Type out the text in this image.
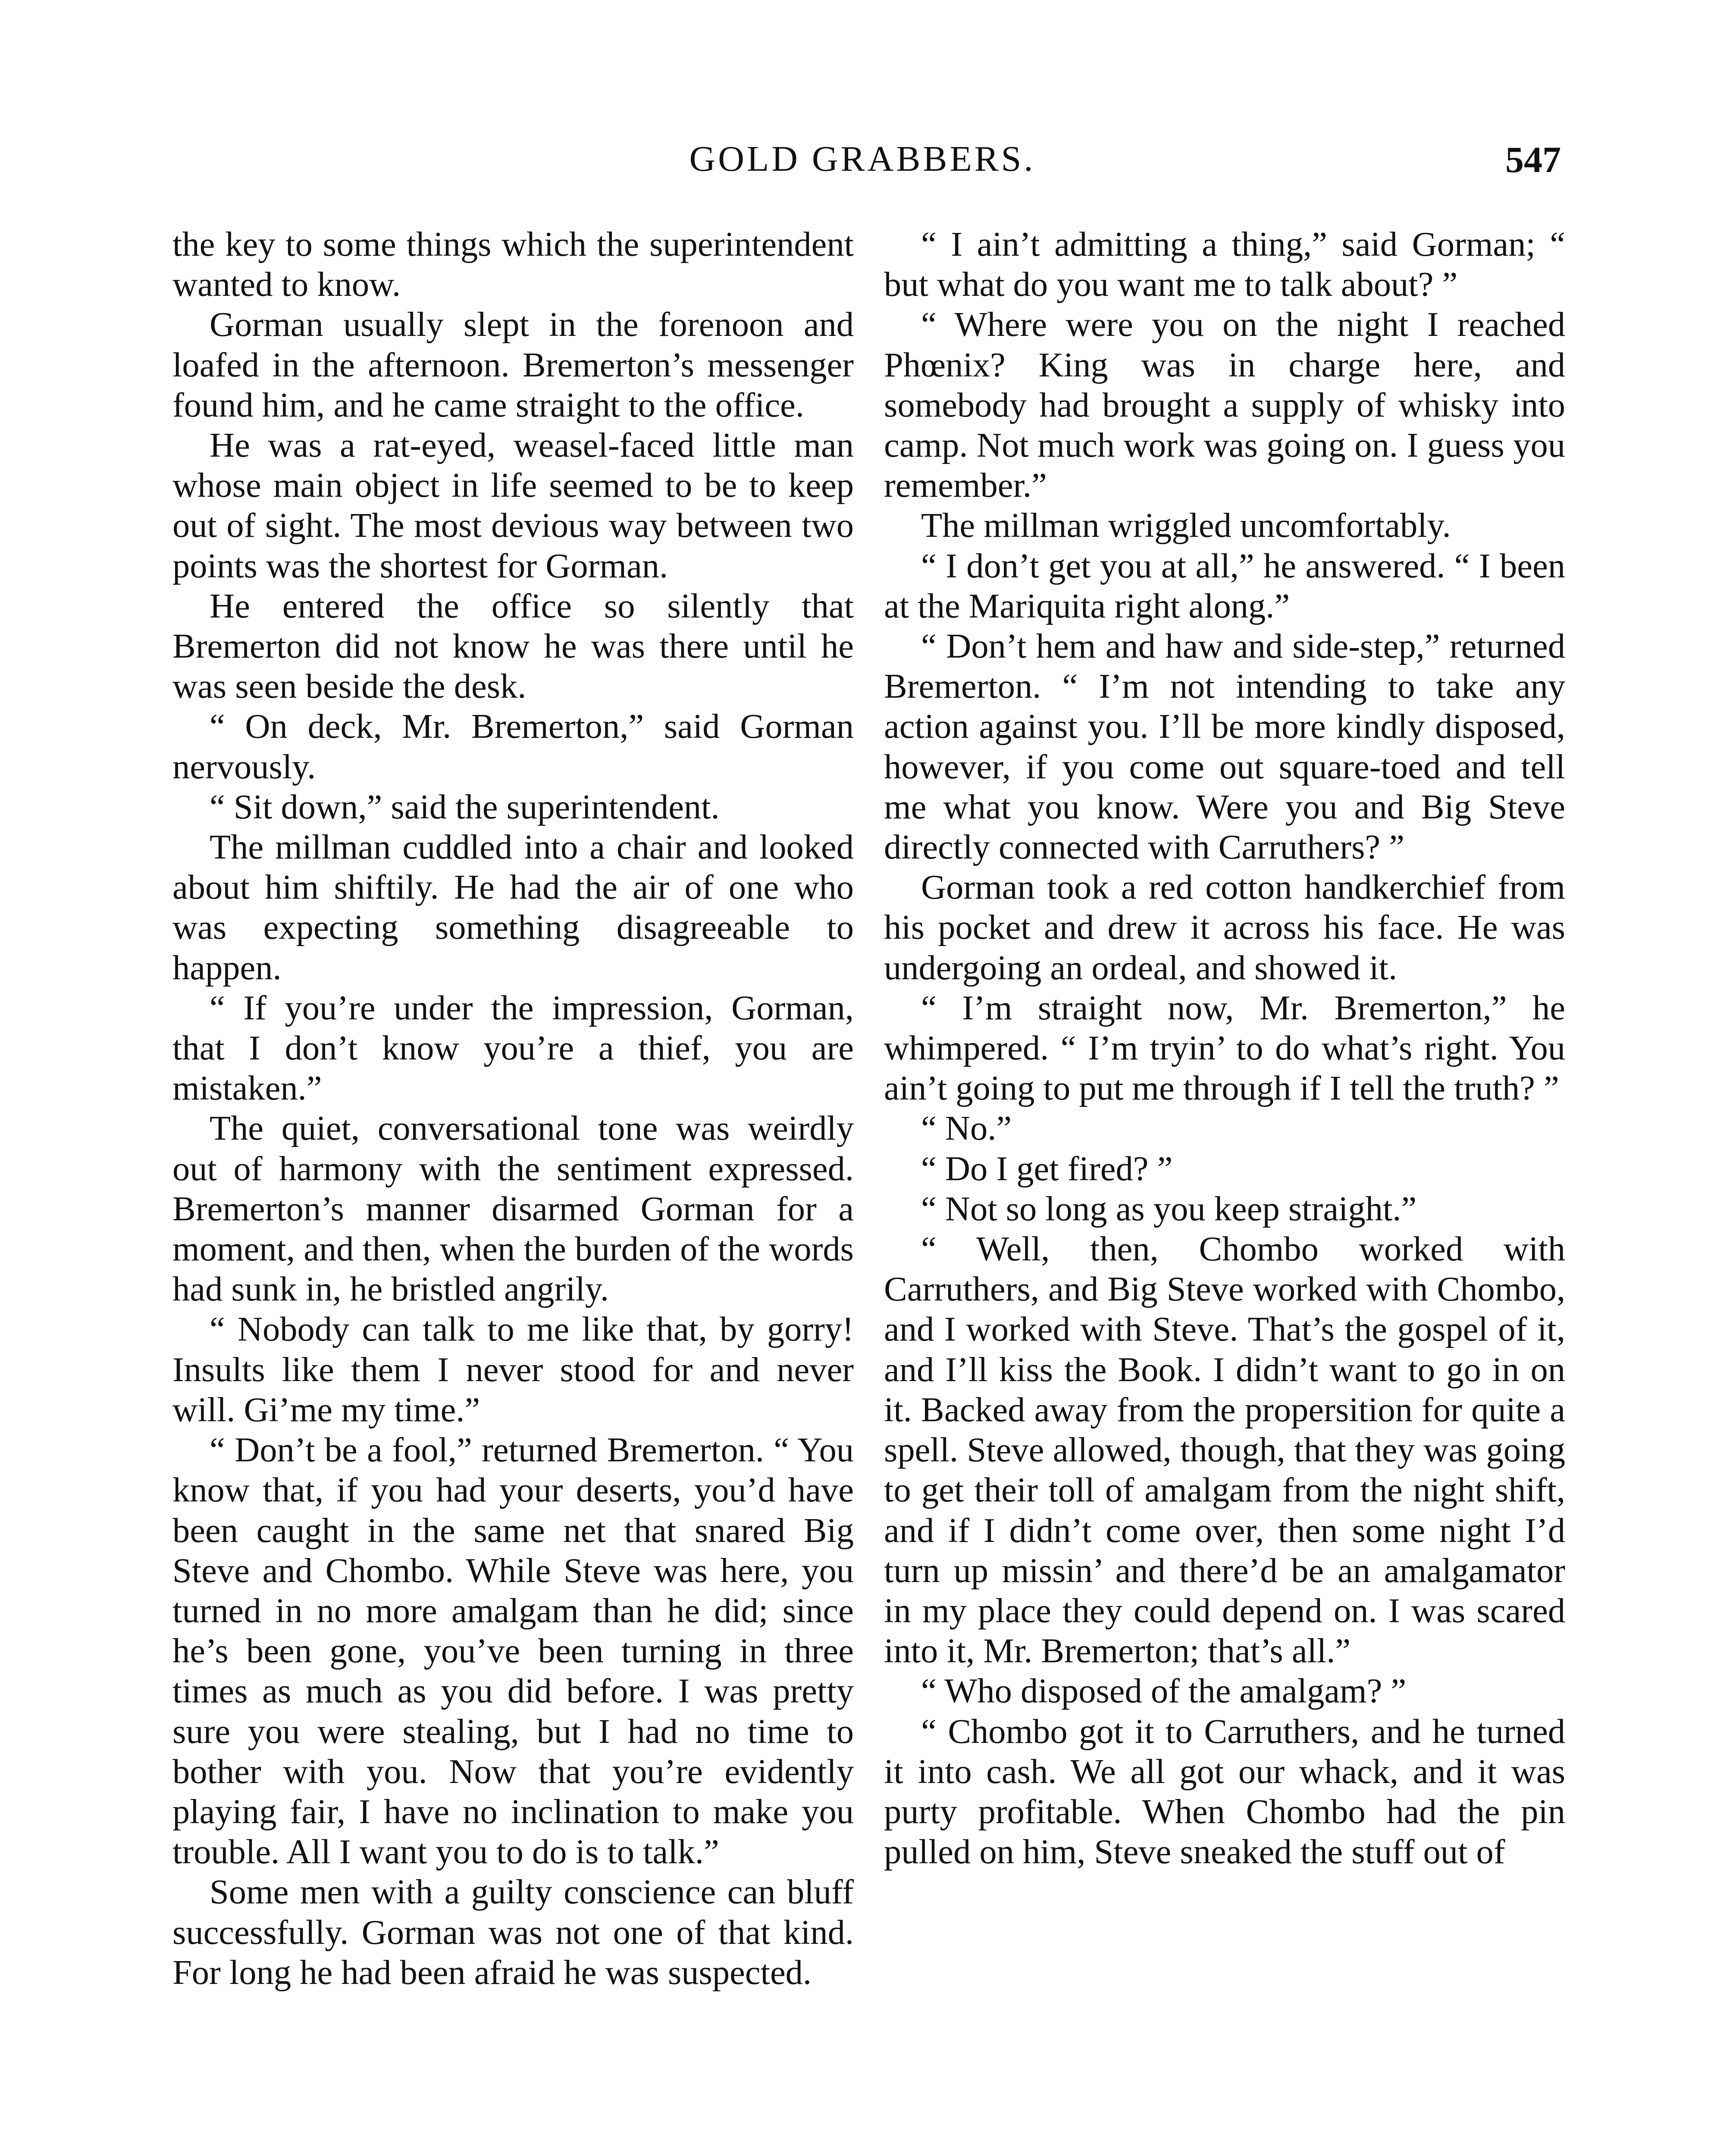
GOLD GRABBERS.	547

the key to some things which the superintendent wanted to know.

Gorman usually slept in the forenoon and loafed in the afternoon. Bremerton’s messenger found him, and he came straight to the office.

He was a rat-eyed, weasel-faced little man whose main object in life seemed to be to keep out of sight. The most devious way between two points was the shortest for Gorman.

He entered the office so silently that Bremerton did not know he was there until he was seen beside the desk.

“ On deck, Mr. Bremerton,” said Gorman nervously.

“ Sit down,” said the superintendent.

The millman cuddled into a chair and looked about him shiftily. He had the air of one who was expecting something disagreeable to happen.

“ If you’re under the impression, Gorman, that I don’t know you’re a thief, you are mistaken.”

The quiet, conversational tone was weirdly out of harmony with the sentiment expressed. Bremerton’s manner disarmed Gorman for a moment, and then, when the burden of the words had sunk in, he bristled angrily.

“ Nobody can talk to me like that, by gorry! Insults like them I never stood for and never will. Gi’me my time.”

“ Don’t be a fool,” returned Bremerton. “ You know that, if you had your deserts, you’d have been caught in the same net that snared Big Steve and Chombo. While Steve was here, you turned in no more amalgam than he did; since he’s been gone, you’ve been turning in three times as much as you did before. I was pretty sure you were stealing, but I had no time to bother with you. Now that you’re evidently playing fair, I have no inclination to make you trouble. All I want you to do is to talk.”

Some men with a guilty conscience can bluff successfully. Gorman was not one of that kind. For long he had been afraid he was suspected.

“ I ain’t admitting a thing,” said Gorman; “ but what do you want me to talk about? ”

“ Where were you on the night I reached Phœnix? King was in charge here, and somebody had brought a supply of whisky into camp. Not much work was going on. I guess you remember.”

The millman wriggled uncomfortably.

“ I don’t get you at all,” he answered. “ I been at the Mariquita right along.”

“ Don’t hem and haw and side-step,” returned Bremerton. “ I’m not intending to take any action against you. I’ll be more kindly disposed, however, if you come out square-toed and tell me what you know. Were you and Big Steve directly connected with Carruthers? ”

Gorman took a red cotton handkerchief from his pocket and drew it across his face. He was undergoing an ordeal, and showed it.

“ I’m straight now, Mr. Bremerton,” he whimpered. “ I’m tryin’ to do what’s right. You ain’t going to put me through if I tell the truth? ”

“ No.”

“ Do I get fired? ”

“ Not so long as you keep straight.”

“ Well, then, Chombo worked with Carruthers, and Big Steve worked with Chombo, and I worked with Steve. That’s the gospel of it, and I’ll kiss the Book. I didn’t want to go in on it. Backed away from the propersition for quite a spell. Steve allowed, though, that they was going to get their toll of amalgam from the night shift, and if I didn’t come over, then some night I’d turn up missin’ and there’d be an amalgamator in my place they could depend on. I was scared into it, Mr. Bremerton; that’s all.”

“ Who disposed of the amalgam? ”

“ Chombo got it to Carruthers, and he turned it into cash. We all got our whack, and it was purty profitable. When Chombo had the pin pulled on him, Steve sneaked the stuff out of
